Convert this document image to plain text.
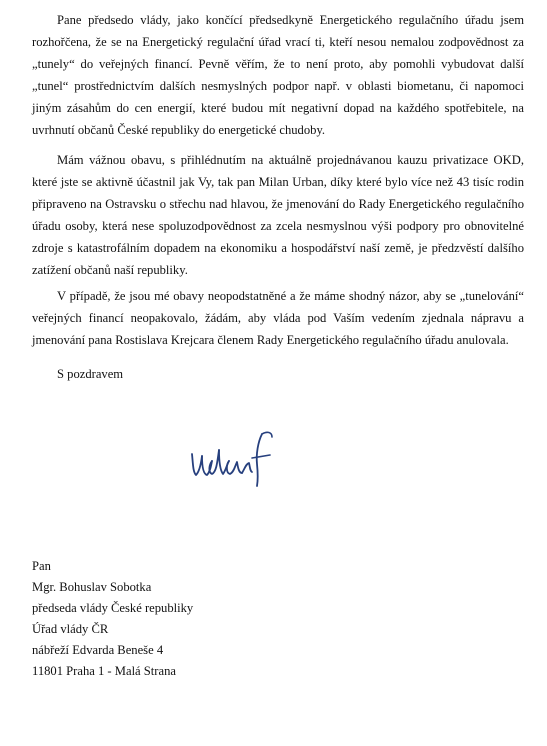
Pane předsedo vlády, jako končící předsedkyně Energetického regulačního úřadu jsem rozhořčena, že se na Energetický regulační úřad vrací ti, kteří nesou nemalou zodpovědnost za „tunely“ do veřejných financí. Pevně věřím, že to není proto, aby pomohli vybudovat další „tunel“ prostřednictvím dalších nesmyslných podpor např. v oblasti biometanu, či napomoci jiným zásahům do cen energií, které budou mít negativní dopad na každého spotřebitele, na uvrhnutí občanů České republiky do energetické chudoby.

Mám vážnou obavu, s přihlédnutím na aktuálně projednávanou kauzu privatizace OKD, které jste se aktivně účastnil jak Vy, tak pan Milan Urban, díky které bylo více než 43 tisíc rodin připraveno na Ostravsku o střechu nad hlavou, že jmenování do Rady Energetického regulačního úřadu osoby, která nese spoluzodpovědnost za zcela nesmyslnou výši podpory pro obnovitelné zdroje s katastrofálním dopadem na ekonomiku a hospodářství naší země, je předzvěstí dalšího zatížení občanů naší republiky.

V případě, že jsou mé obavy neopodstatněné a že máme shodný názor, aby se „tunelování“ veřejných financí neopakovalo, žádám, aby vláda pod Vaším vedením zjednala nápravu a jmenování pana Rostislava Krejcara členem Rady Energetického regulačního úřadu anulovala.

S pozdravem
Pan
Mgr. Bohuslav Sobotka
předseda vlády České republiky
Úřad vlády ČR
nábřeží Edvarda Beneše 4
11801 Praha 1 - Malá Strana
